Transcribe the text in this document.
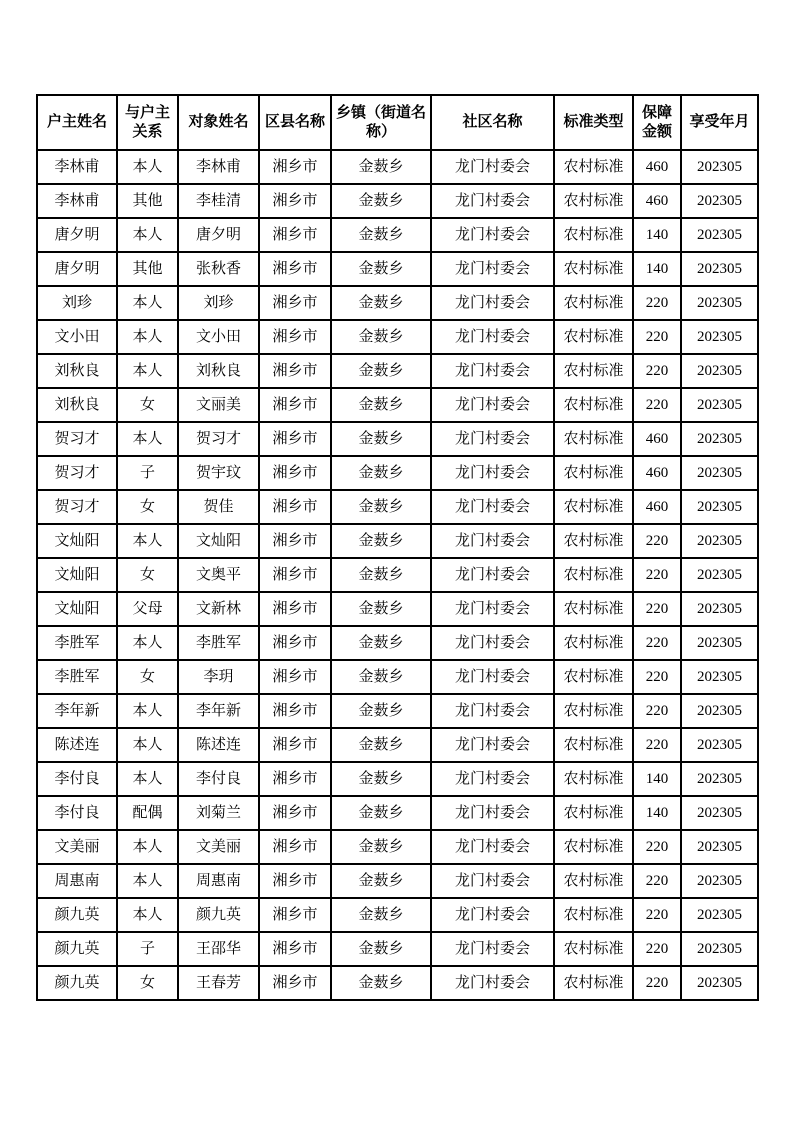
户主姓名	与户主关系	对象姓名	区县名称	乡镇（街道名称）	社区名称	标准类型	保障金额	享受年月
李林甫	本人	李林甫	湘乡市	金薮乡	龙门村委会	农村标准	460	202305
李林甫	其他	李桂清	湘乡市	金薮乡	龙门村委会	农村标准	460	202305
唐夕明	本人	唐夕明	湘乡市	金薮乡	龙门村委会	农村标准	140	202305
唐夕明	其他	张秋香	湘乡市	金薮乡	龙门村委会	农村标准	140	202305
刘珍	本人	刘珍	湘乡市	金薮乡	龙门村委会	农村标准	220	202305
文小田	本人	文小田	湘乡市	金薮乡	龙门村委会	农村标准	220	202305
刘秋良	本人	刘秋良	湘乡市	金薮乡	龙门村委会	农村标准	220	202305
刘秋良	女	文丽美	湘乡市	金薮乡	龙门村委会	农村标准	220	202305
贺习才	本人	贺习才	湘乡市	金薮乡	龙门村委会	农村标准	460	202305
贺习才	子	贺宇玟	湘乡市	金薮乡	龙门村委会	农村标准	460	202305
贺习才	女	贺佳	湘乡市	金薮乡	龙门村委会	农村标准	460	202305
文灿阳	本人	文灿阳	湘乡市	金薮乡	龙门村委会	农村标准	220	202305
文灿阳	女	文奥平	湘乡市	金薮乡	龙门村委会	农村标准	220	202305
文灿阳	父母	文新林	湘乡市	金薮乡	龙门村委会	农村标准	220	202305
李胜军	本人	李胜军	湘乡市	金薮乡	龙门村委会	农村标准	220	202305
李胜军	女	李玥	湘乡市	金薮乡	龙门村委会	农村标准	220	202305
李年新	本人	李年新	湘乡市	金薮乡	龙门村委会	农村标准	220	202305
陈述连	本人	陈述连	湘乡市	金薮乡	龙门村委会	农村标准	220	202305
李付良	本人	李付良	湘乡市	金薮乡	龙门村委会	农村标准	140	202305
李付良	配偶	刘菊兰	湘乡市	金薮乡	龙门村委会	农村标准	140	202305
文美丽	本人	文美丽	湘乡市	金薮乡	龙门村委会	农村标准	220	202305
周惠南	本人	周惠南	湘乡市	金薮乡	龙门村委会	农村标准	220	202305
颜九英	本人	颜九英	湘乡市	金薮乡	龙门村委会	农村标准	220	202305
颜九英	子	王邵华	湘乡市	金薮乡	龙门村委会	农村标准	220	202305
颜九英	女	王春芳	湘乡市	金薮乡	龙门村委会	农村标准	220	202305
